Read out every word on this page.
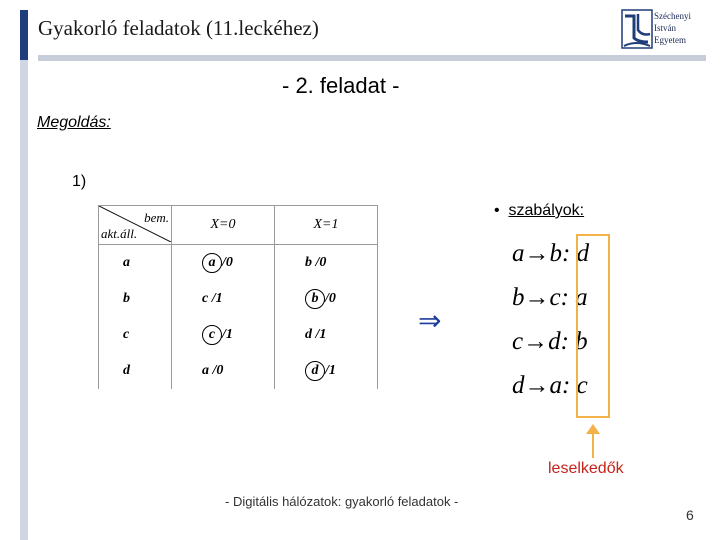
Gyakorló feladatok (11.leckéhez)	Széchenyi
István
Egyetem
- 2. feladat -
Megoldás:
1)
bem.
akt.áll.	X=0	X=1
a	a /0	b /0
b	c /1	b /0
c	c /1	d /1
d	a /0	d /1
⇒
• szabályok:
a→b: d
b→c: a
c→d: b
d→a: c
leselkedők
- Digitális hálózatok: gyakorló feladatok -
6
